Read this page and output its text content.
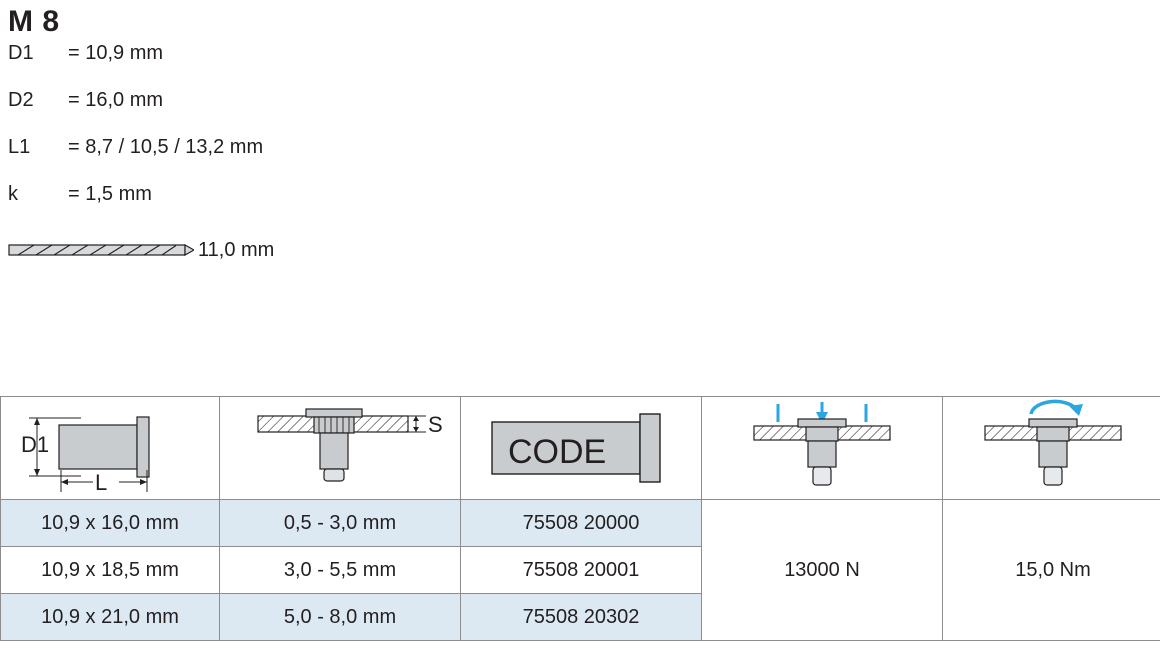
M 8
D1	= 10,9 mm
D2	= 16,0 mm
L1	= 8,7 / 10,5 / 13,2 mm
k	= 1,5 mm
11,0 mm
D1
L	S	CODE

10,9 x 16,0 mm	0,5 - 3,0 mm	75508 20000	13000 N	15,0 Nm
10,9 x 18,5 mm	3,0 - 5,5 mm	75508 20001		
10,9 x 21,0 mm	5,0 - 8,0 mm	75508 20302		
